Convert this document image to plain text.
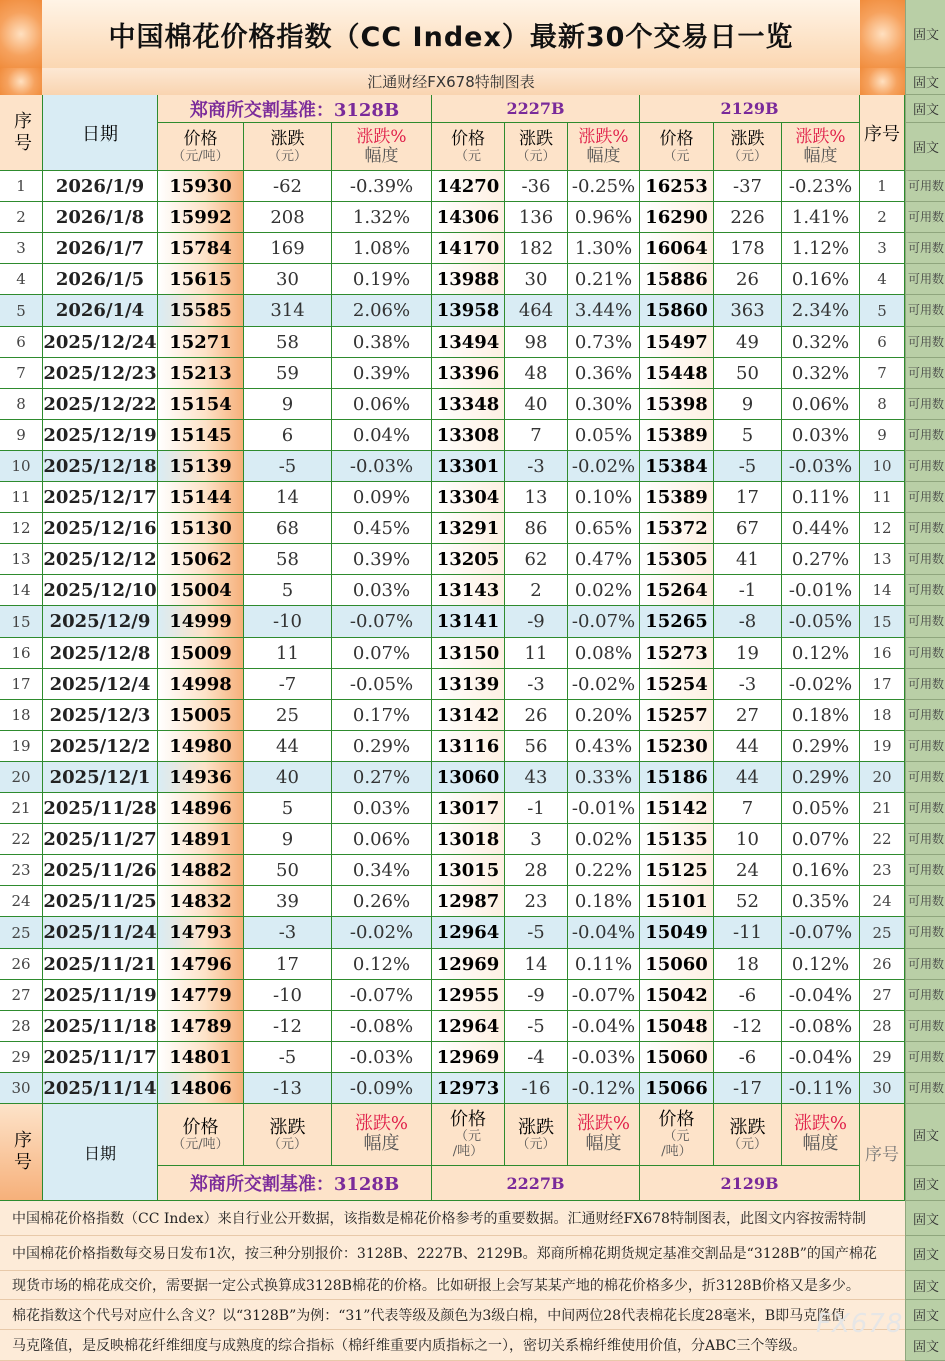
中国棉花价格指数（CC Index）最新30个交易日一览
汇通财经FX678特制图表
序号	日期
郑商所交割基准：3128B	2227B	2129B
序号
价格
（元/吨）
涨跌
（元）
涨跌%
幅度
价格
（元
涨跌
（元）
涨跌%
幅度
价格
（元
涨跌
（元）
涨跌%
幅度
1	2026/1/9	15930	-62	-0.39%	14270	-36	-0.25% 16253	-37	-0.23%	1
2	2026/1/8	15992	208	1.32%	14306	136	0.96% 16290	226	1.41%	2
3	2026/1/7	15784	169	1.08%	14170	182	1.30% 16064	178	1.12%	3
4	2026/1/5	15615	30	0.19%	13988	30	0.21% 15886	26	0.16%	4
5	2026/1/4	15585	314	2.06%	13958	464	3.44% 15860	363	2.34%	5
6 2025/12/24 15271	58	0.38%	13494	98	0.73% 15497	49	0.32%	6
7 2025/12/23 15213	59	0.39%	13396	48	0.36% 15448	50	0.32%	7
8 2025/12/22 15154	9	0.06%	13348	40	0.30% 15398	9	0.06%	8
9 2025/12/19 15145	6	0.04%	13308	7	0.05% 15389	5	0.03%	9
10 2025/12/18 15139	-5	-0.03%	13301	-3	-0.02% 15384	-5	-0.03%	10
11 2025/12/17 15144	14	0.09%	13304	13	0.10% 15389	17	0.11%	11
12 2025/12/16 15130	68	0.45%	13291	86	0.65% 15372	67	0.44%	12
13 2025/12/12 15062	58	0.39%	13205	62	0.47% 15305	41	0.27%	13
14 2025/12/10 15004	5	0.03%	13143	2	0.02% 15264	-1	-0.01%	14
15	2025/12/9	14999	-10	-0.07%	13141	-9	-0.07% 15265	-8	-0.05%	15
16	2025/12/8	15009	11	0.07%	13150	11	0.08% 15273	19	0.12%	16
17	2025/12/4	14998	-7	-0.05%	13139	-3	-0.02% 15254	-3	-0.02%	17
18	2025/12/3	15005	25	0.17%	13142	26	0.20% 15257	27	0.18%	18
19	2025/12/2	14980	44	0.29%	13116	56	0.43% 15230	44	0.29%	19
20	2025/12/1	14936	40	0.27%	13060	43	0.33% 15186	44	0.29%	20
21 2025/11/28 14896	5	0.03%	13017	-1	-0.01% 15142	7	0.05%	21
22 2025/11/27 14891	9	0.06%	13018	3	0.02% 15135	10	0.07%	22
23 2025/11/26 14882	50	0.34%	13015	28	0.22% 15125	24	0.16%	23
24 2025/11/25 14832	39	0.26%	12987	23	0.18% 15101	52	0.35%	24
25 2025/11/24 14793	-3	-0.02%	12964	-5	-0.04% 15049	-11	-0.07%	25
26 2025/11/21 14796	17	0.12%	12969	14	0.11% 15060	18	0.12%	26
27 2025/11/19 14779	-10	-0.07%	12955	-9	-0.07% 15042	-6	-0.04%	27
28 2025/11/18 14789	-12	-0.08%	12964	-5	-0.04% 15048	-12	-0.08%	28
29 2025/11/17 14801	-5	-0.03%	12969	-4	-0.03% 15060	-6	-0.04%	29
30 2025/11/14 14806	-13	-0.09%	12973	-16	-0.12% 15066	-17	-0.11%	30
序号	日期
价格
（元/吨）
涨跌
（元）
涨跌%
幅度
价格
（元
/吨）
涨跌
（元）
涨跌%
幅度
价格
（元
/吨）
涨跌
（元）
涨跌%
幅度
序号
郑商所交割基准：3128B	2227B	2129B
中国棉花价格指数（CC Index）来自行业公开数据，该指数是棉花价格参考的重要数据。汇通财经FX678特制图表，此图文内容按需特制
中国棉花价格指数每交易日发布1次，按三种分别报价：3128B、2227B、2129B。郑商所棉花期货规定基准交割品是“3128B”的国产棉花
现货市场的棉花成交价，需要据一定公式换算成3128B棉花的价格。比如研报上会写某某产地的棉花价格多少，折3128B价格又是多少。
棉花指数这个代号对应什么含义？以“3128B”为例：“31”代表等级及颜色为3级白棉，中间两位28代表棉花长度28毫米，B即马克隆值
马克隆值，是反映棉花纤维细度与成熟度的综合指标（棉纤维重要内质指标之一），密切关系棉纤维使用价值，分ABC三个等级。
FX678
固文
固文
固文
固文
可用数
可用数
可用数
可用数
可用数
可用数
可用数
可用数
可用数
可用数
可用数
可用数
可用数
可用数
可用数
可用数
可用数
可用数
可用数
可用数
可用数
可用数
可用数
可用数
可用数
可用数
可用数
可用数
可用数
可用数
固文
固文
固文
固文
固文
固文
固文
